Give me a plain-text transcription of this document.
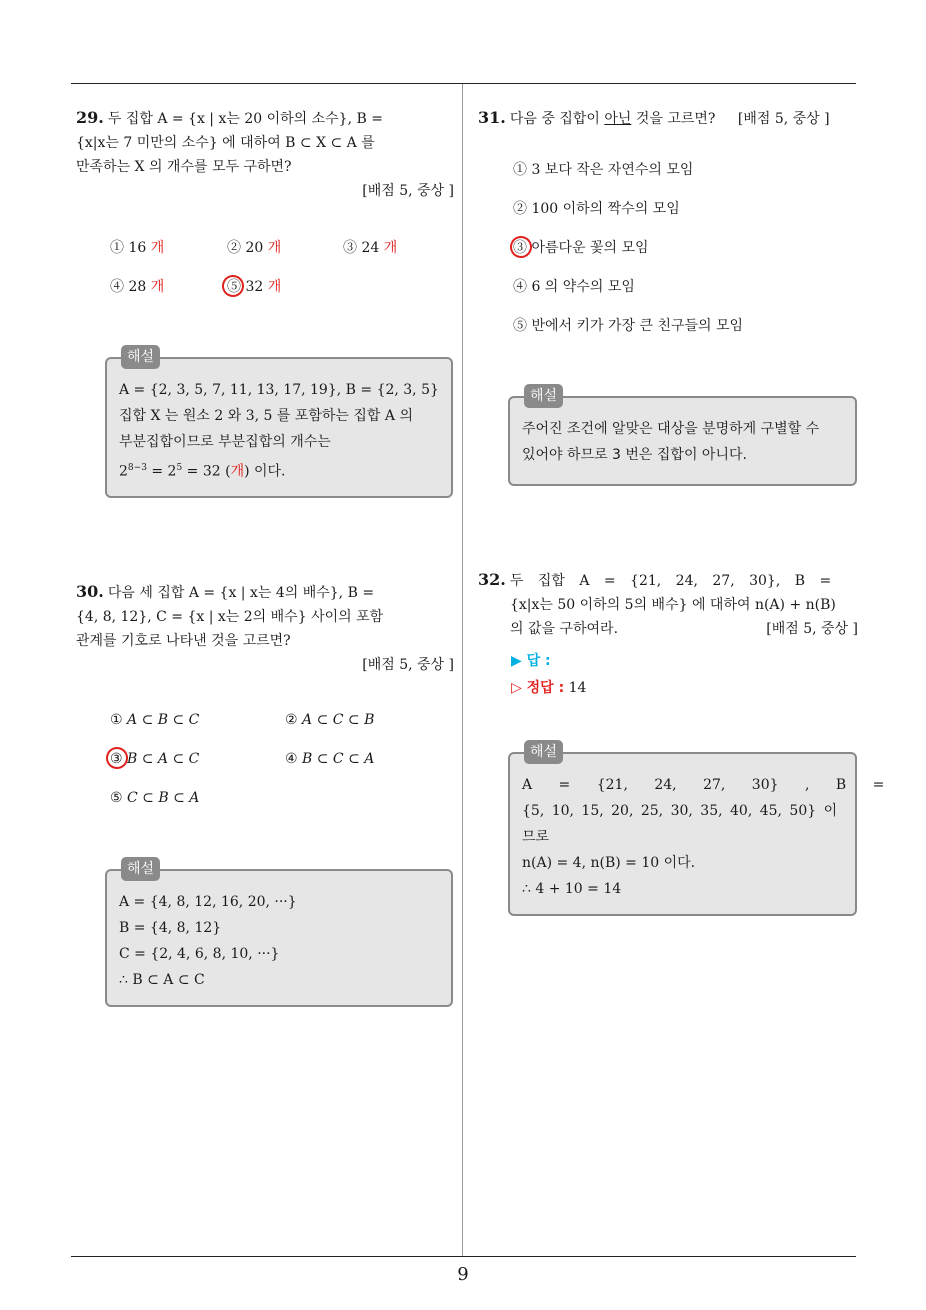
9
29. 두 집합 A = {x | x는 20 이하의 소수}, B =
{x|x는 7 미만의 소수} 에 대하여 B ⊂ X ⊂ A 를
만족하는 X 의 개수를 모두 구하면?
[배점 5, 중상 ]
① 16 개	② 20 개	③ 24 개
④ 28 개	⑤ 32 개
해설
A = {2, 3, 5, 7, 11, 13, 17, 19}, B = {2, 3, 5}
집합 X 는 원소 2 와 3, 5 를 포함하는 집합 A 의
부분집합이므로 부분집합의 개수는
$2^{8-3} = 2^5 = 32$ (개) 이다.
30. 다음 세 집합 A = {x | x는 4의 배수}, B =
{4, 8, 12}, C = {x | x는 2의 배수} 사이의 포함
관계를 기호로 나타낸 것을 고르면?
[배점 5, 중상 ]
① A ⊂ B ⊂ C	② A ⊂ C ⊂ B
③ B ⊂ A ⊂ C	④ B ⊂ C ⊂ A
⑤ C ⊂ B ⊂ A
해설
A = {4, 8, 12, 16, 20, ···}
B = {4, 8, 12}
C = {2, 4, 6, 8, 10, ···}
∴ B ⊂ A ⊂ C
31. 다음 중 집합이 아닌 것을 고르면? [배점 5, 중상 ]
① 3 보다 작은 자연수의 모임
② 100 이하의 짝수의 모임
③ 아름다운 꽃의 모임
④ 6 의 약수의 모임
⑤ 반에서 키가 가장 큰 친구들의 모임
해설
주어진 조건에 알맞은 대상을 분명하게 구별할 수
있어야 하므로 3 번은 집합이 아니다.
32. 두 집합 A = {21, 24, 27, 30}, B =
{x|x는 50 이하의 5의 배수} 에 대하여 n(A) + n(B)
의 값을 구하여라.	[배점 5, 중상 ]
▶ 답 :
▷ 정답 : 14
해설
A = {21, 24, 27, 30} , B =
{5, 10, 15, 20, 25, 30, 35, 40, 45, 50} 이
므로
n(A) = 4, n(B) = 10 이다.
∴ 4 + 10 = 14
